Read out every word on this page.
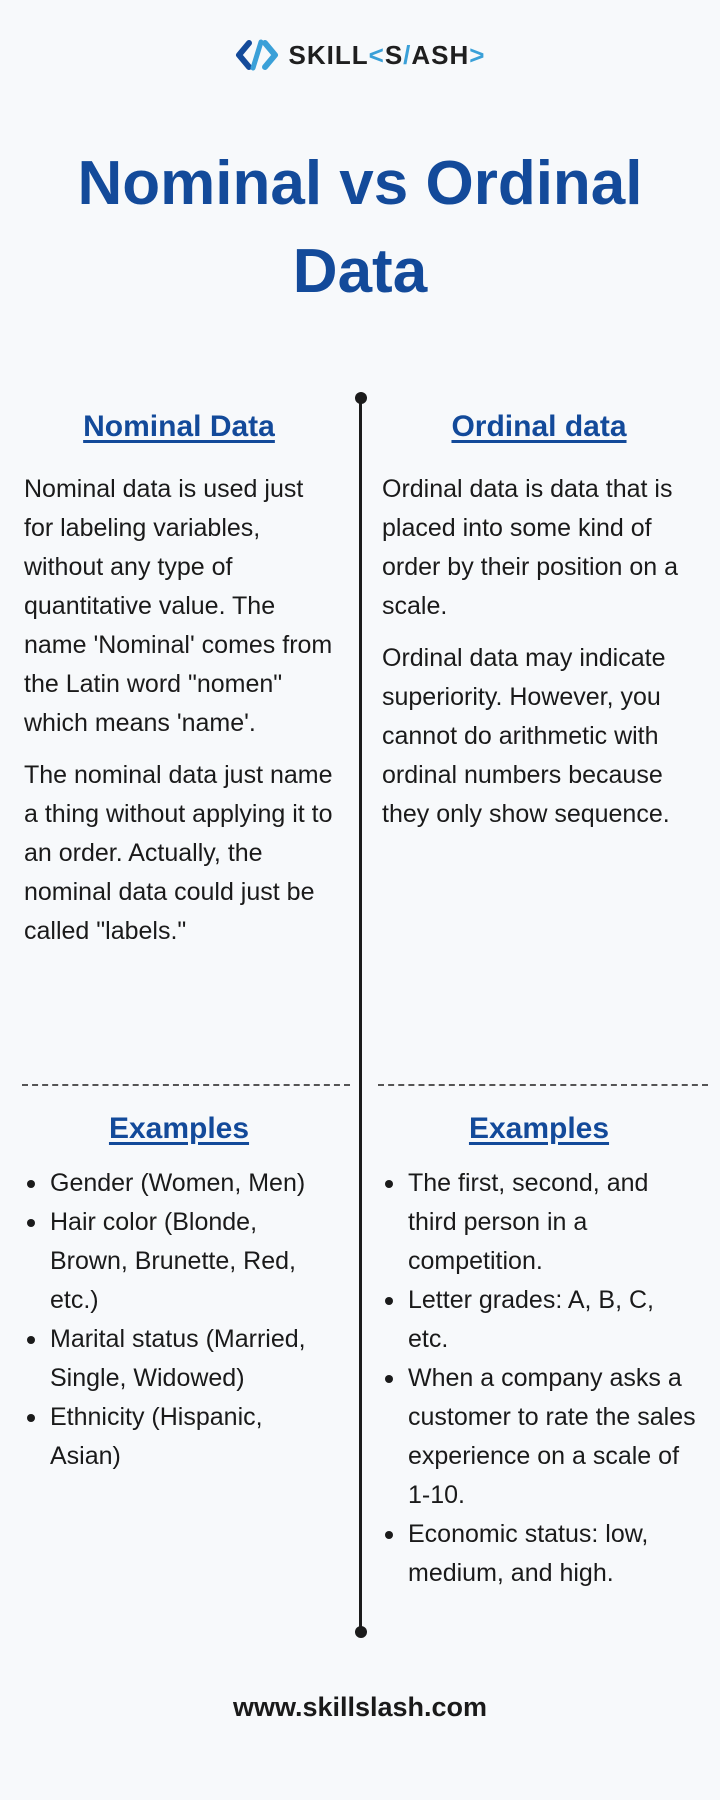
SKILL<S/ASH>
Nominal vs Ordinal
Data
Nominal Data

Nominal data is used just for labeling variables, without any type of quantitative value. The name 'Nominal' comes from the Latin word "nomen" which means 'name'.

The nominal data just name a thing without applying it to an order. Actually, the nominal data could just be called "labels."

Ordinal data

Ordinal data is data that is placed into some kind of order by their position on a scale.

Ordinal data may indicate superiority. However, you cannot do arithmetic with ordinal numbers because they only show sequence.

Examples
Gender (Women, Men)
Hair color (Blonde, Brown, Brunette, Red, etc.)
Marital status (Married, Single, Widowed)
Ethnicity (Hispanic, Asian)
Examples
The first, second, and third person in a competition.
Letter grades: A, B, C, etc.
When a company asks a customer to rate the sales experience on a scale of 1-10.
Economic status: low, medium, and high.
www.skillslash.com
